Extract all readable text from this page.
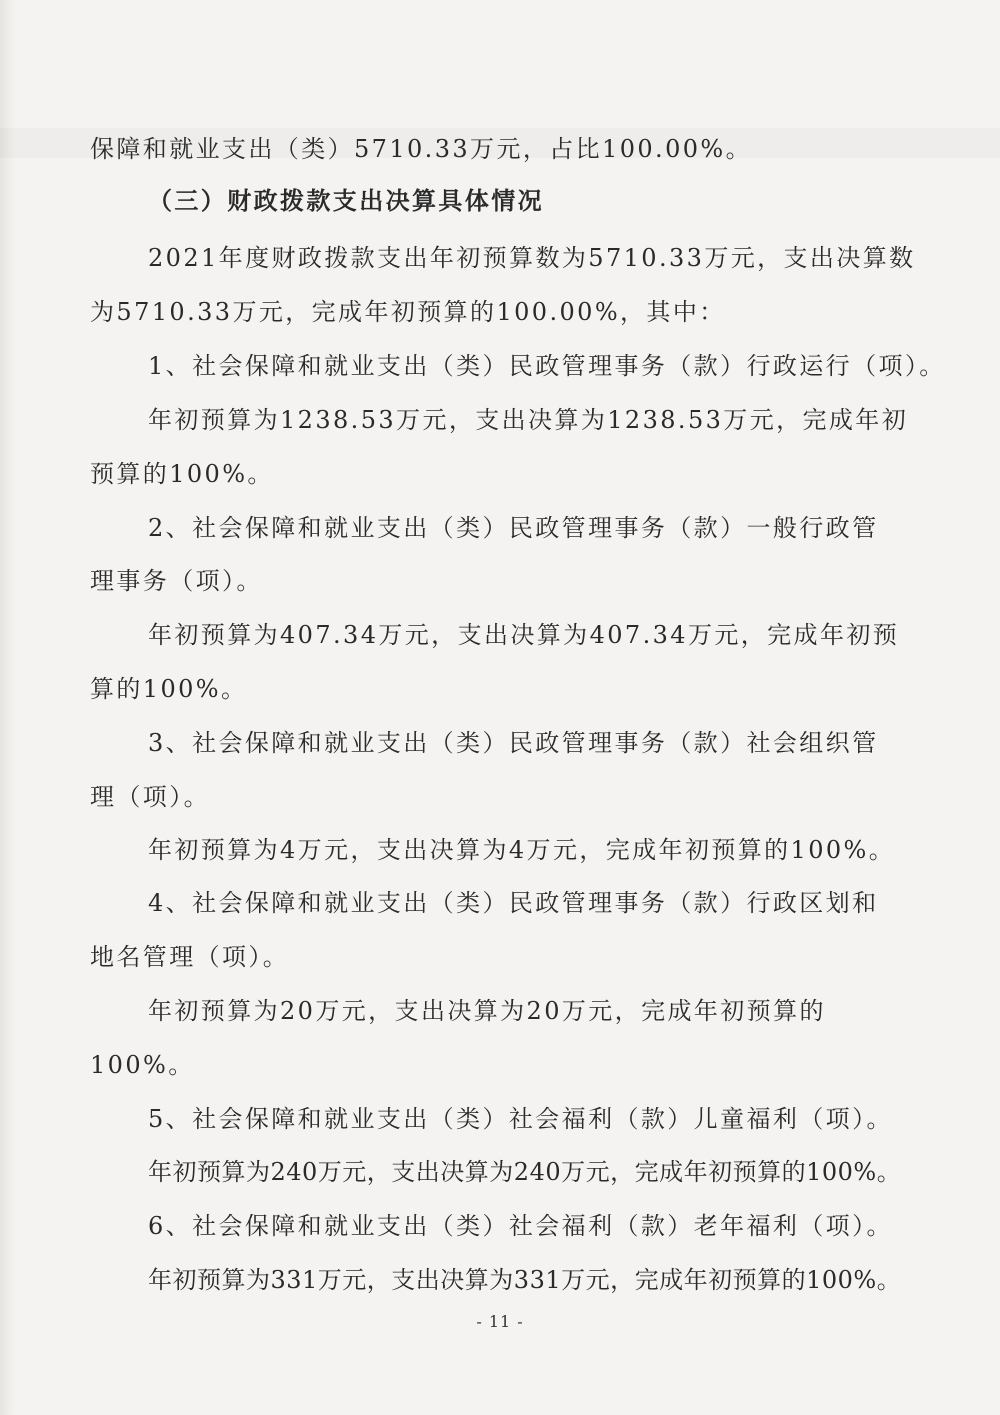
保障和就业支出（类）5710.33万元，占比100.00%。
（三）财政拨款支出决算具体情况
2021年度财政拨款支出年初预算数为5710.33万元，支出决算数
为5710.33万元，完成年初预算的100.00%，其中：
1、社会保障和就业支出（类）民政管理事务（款）行政运行（项）。
年初预算为1238.53万元，支出决算为1238.53万元，完成年初
预算的100%。
2、社会保障和就业支出（类）民政管理事务（款）一般行政管
理事务（项）。
年初预算为407.34万元，支出决算为407.34万元，完成年初预
算的100%。
3、社会保障和就业支出（类）民政管理事务（款）社会组织管
理（项）。
年初预算为4万元，支出决算为4万元，完成年初预算的100%。
4、社会保障和就业支出（类）民政管理事务（款）行政区划和
地名管理（项）。
年初预算为20万元，支出决算为20万元，完成年初预算的
100%。
5、社会保障和就业支出（类）社会福利（款）儿童福利（项）。
年初预算为240万元，支出决算为240万元，完成年初预算的100%。
6、社会保障和就业支出（类）社会福利（款）老年福利（项）。
年初预算为331万元，支出决算为331万元，完成年初预算的100%。
- 11 -
